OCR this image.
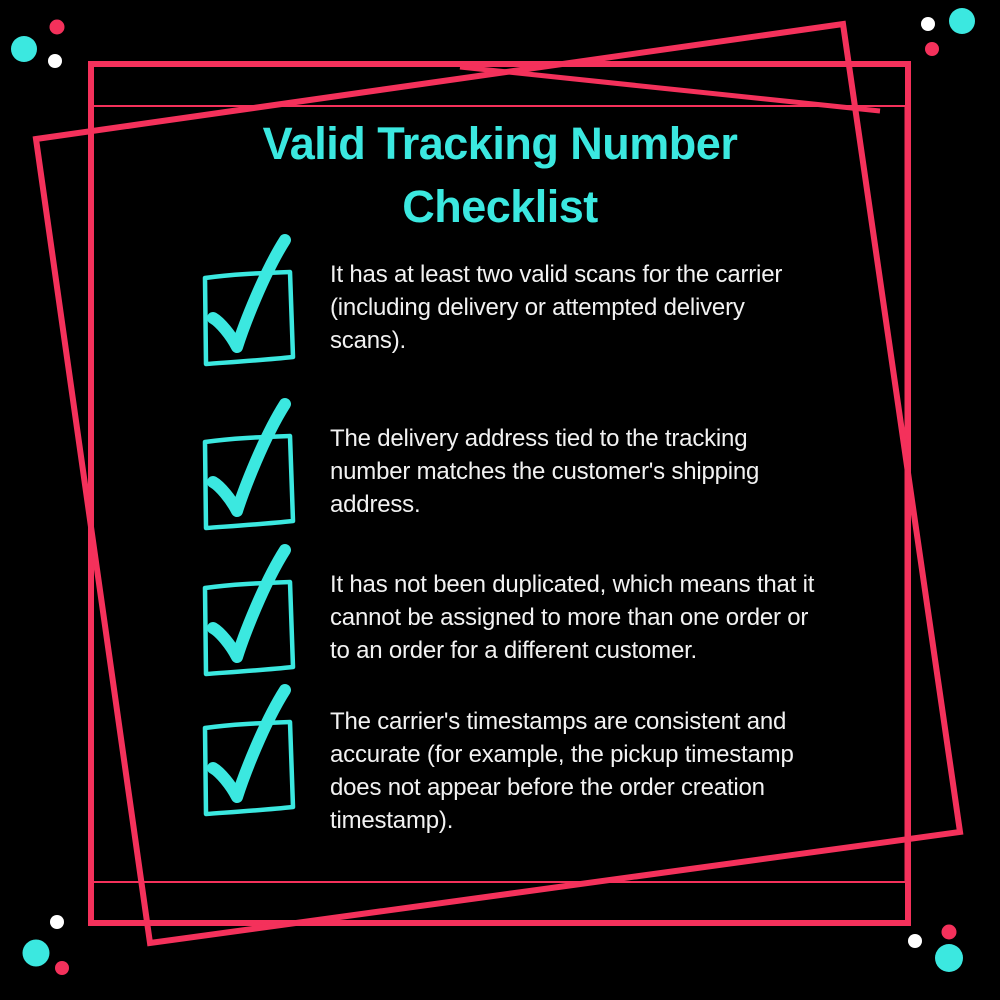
Valid Tracking Number
Checklist

It has at least two valid scans for the carrier (including delivery or attempted delivery scans).

The delivery address tied to the tracking number matches the customer's shipping address.

It has not been duplicated, which means that it cannot be assigned to more than one order or to an order for a different customer.

The carrier's timestamps are consistent and accurate (for example, the pickup timestamp does not appear before the order creation timestamp).
